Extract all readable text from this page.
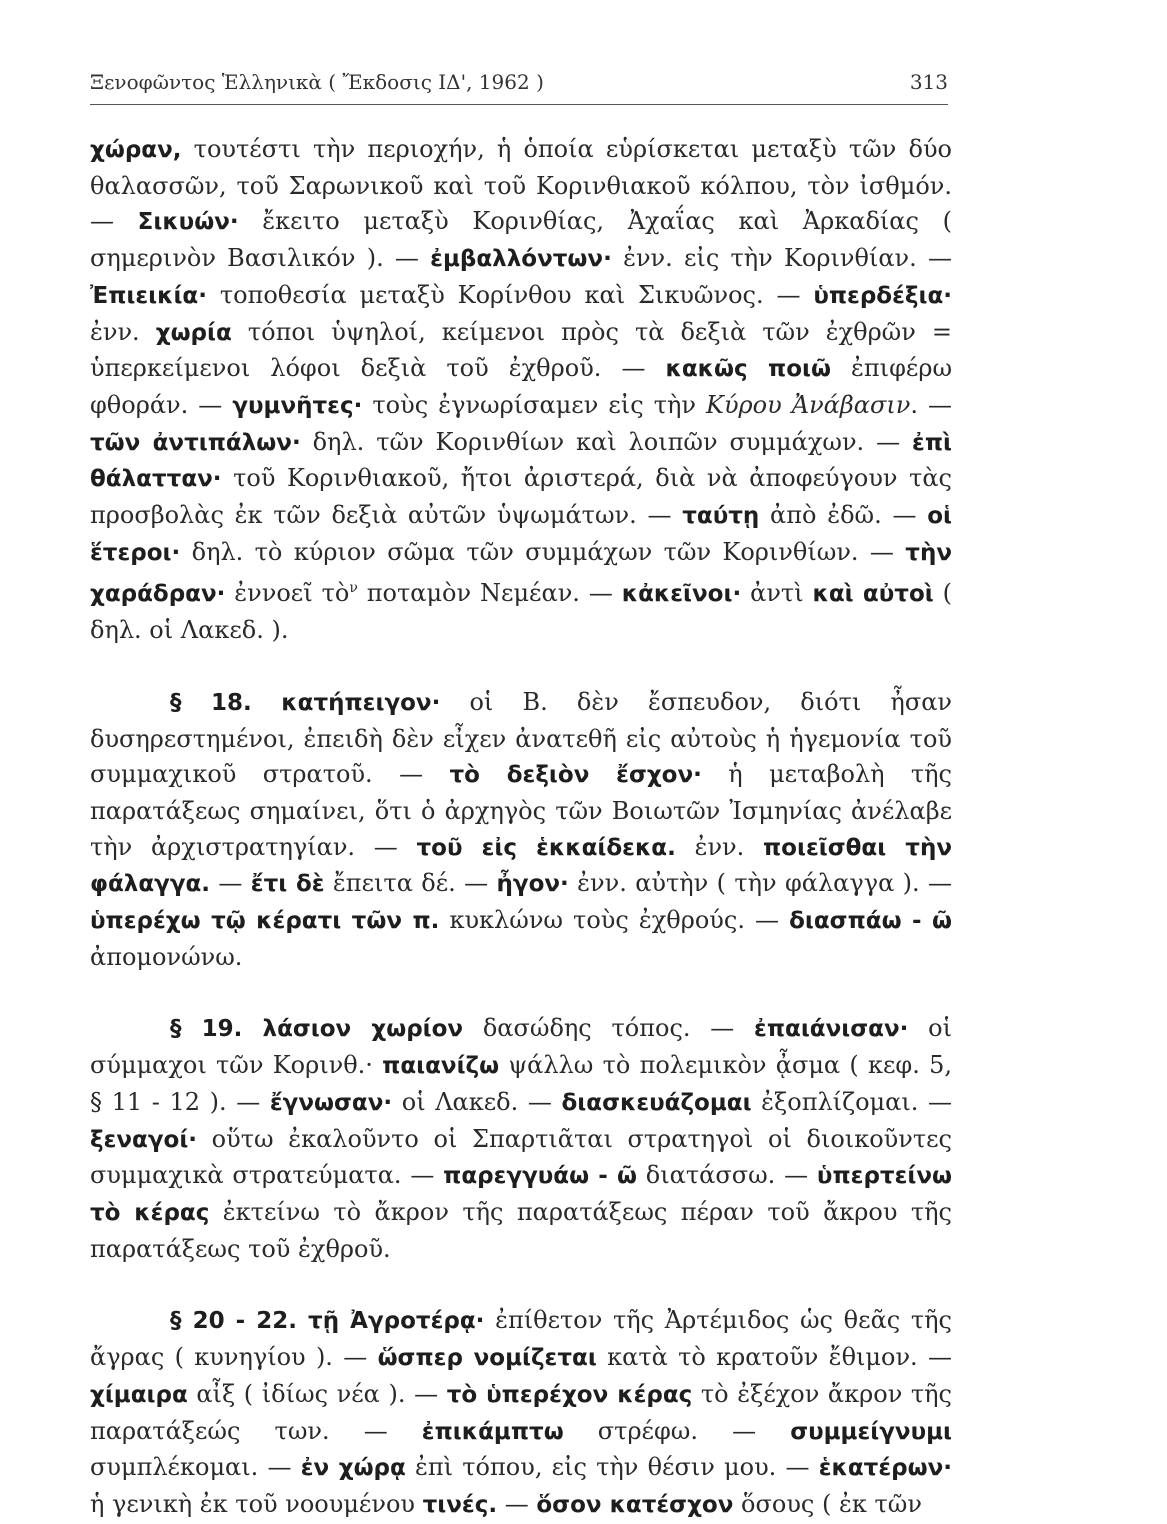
Ξενοφῶντος Ἑλληνικὰ ( Ἔκδοσις ΙΔ', 1962 )	313

χώραν, τουτέστι τὴν περιοχήν, ἡ ὁποία εὑρίσκεται μεταξὺ τῶν δύο θαλασσῶν, τοῦ Σαρωνικοῦ καὶ τοῦ Κορινθιακοῦ κόλπου, τὸν ἰσθμόν. — Σικυών· ἔκειτο μεταξὺ Κορινθίας, Ἀχαΐας καὶ Ἀρκαδίας ( σημερινὸν Βασιλικόν ). — ἐμβαλλόντων· ἐνν. εἰς τὴν Κορινθίαν. — Ἐπιεικία· τοποθεσία μεταξὺ Κορίνθου καὶ Σικυῶνος. — ὑπερδέξια· ἐνν. χωρία τόποι ὑψηλοί, κείμενοι πρὸς τὰ δεξιὰ τῶν ἐχθρῶν = ὑπερκείμενοι λόφοι δεξιὰ τοῦ ἐχθροῦ. — κακῶς ποιῶ ἐπιφέρω φθοράν. — γυμνῆτες· τοὺς ἐγνωρίσαμεν εἰς τὴν Κύρου Ἀνάβασιν. — τῶν ἀντιπάλων· δηλ. τῶν Κορινθίων καὶ λοιπῶν συμμάχων. — ἐπὶ θάλατταν· τοῦ Κορινθιακοῦ, ἤτοι ἀριστερά, διὰ νὰ ἀποφεύγουν τὰς προσβολὰς ἐκ τῶν δεξιὰ αὐτῶν ὑψωμάτων. — ταύτῃ ἀπὸ ἐδῶ. — οἱ ἕτεροι· δηλ. τὸ κύριον σῶμα τῶν συμμάχων τῶν Κορινθίων. — τὴν χαράδραν· ἐννοεῖ τὸ$^\nu$ ποταμὸν Νεμέαν. — κἀκεῖνοι· ἀντὶ καὶ αὐτοὶ ( δηλ. οἱ Λακεδ. ).

§ 18. κατήπειγον· οἱ Β. δὲν ἔσπευδον, διότι ἦσαν δυσηρεστημένοι, ἐπειδὴ δὲν εἶχεν ἀνατεθῆ εἰς αὐτοὺς ἡ ἡγεμονία τοῦ συμμαχικοῦ στρατοῦ. — τὸ δεξιὸν ἔσχον· ἡ μεταβολὴ τῆς παρατάξεως σημαίνει, ὅτι ὁ ἀρχηγὸς τῶν Βοιωτῶν Ἰσμηνίας ἀνέλαβε τὴν ἀρχιστρατηγίαν. — τοῦ εἰς ἑκκαίδεκα. ἐνν. ποιεῖσθαι τὴν φάλαγγα. — ἔτι δὲ ἔπειτα δέ. — ἦγον· ἐνν. αὐτὴν ( τὴν φάλαγγα ). — ὑπερέχω τῷ κέρατι τῶν π. κυκλώνω τοὺς ἐχθρούς. — διασπάω - ῶ ἀπομονώνω.

§ 19. λάσιον χωρίον δασώδης τόπος. — ἐπαιάνισαν· οἱ σύμμαχοι τῶν Κορινθ.· παιανίζω ψάλλω τὸ πολεμικὸν ᾆσμα ( κεφ. 5, § 11 - 12 ). — ἔγνωσαν· οἱ Λακεδ. — διασκευάζομαι ἐξοπλίζομαι. — ξεναγοί· οὕτω ἐκαλοῦντο οἱ Σπαρτιᾶται στρατηγοὶ οἱ διοικοῦντες συμμαχικὰ στρατεύματα. — παρεγγυάω - ῶ διατάσσω. — ὑπερτείνω τὸ κέρας ἐκτείνω τὸ ἄκρον τῆς παρατάξεως πέραν τοῦ ἄκρου τῆς παρατάξεως τοῦ ἐχθροῦ.

§ 20 - 22. τῇ Ἀγροτέρᾳ· ἐπίθετον τῆς Ἀρτέμιδος ὡς θεᾶς τῆς ἄγρας ( κυνηγίου ). — ὥσπερ νομίζεται κατὰ τὸ κρατοῦν ἔθιμον. — χίμαιρα αἶξ ( ἰδίως νέα ). — τὸ ὑπερέχον κέρας τὸ ἐξέχον ἄκρον τῆς παρατάξεώς των. — ἐπικάμπτω στρέφω. — συμμείγνυμι συμπλέκομαι. — ἐν χώρᾳ ἐπὶ τόπου, εἰς τὴν θέσιν μου. — ἑκατέρων· ἡ γενικὴ ἐκ τοῦ νοουμένου τινές. — ὅσον κατέσχον ὅσους ( ἐκ τῶν
